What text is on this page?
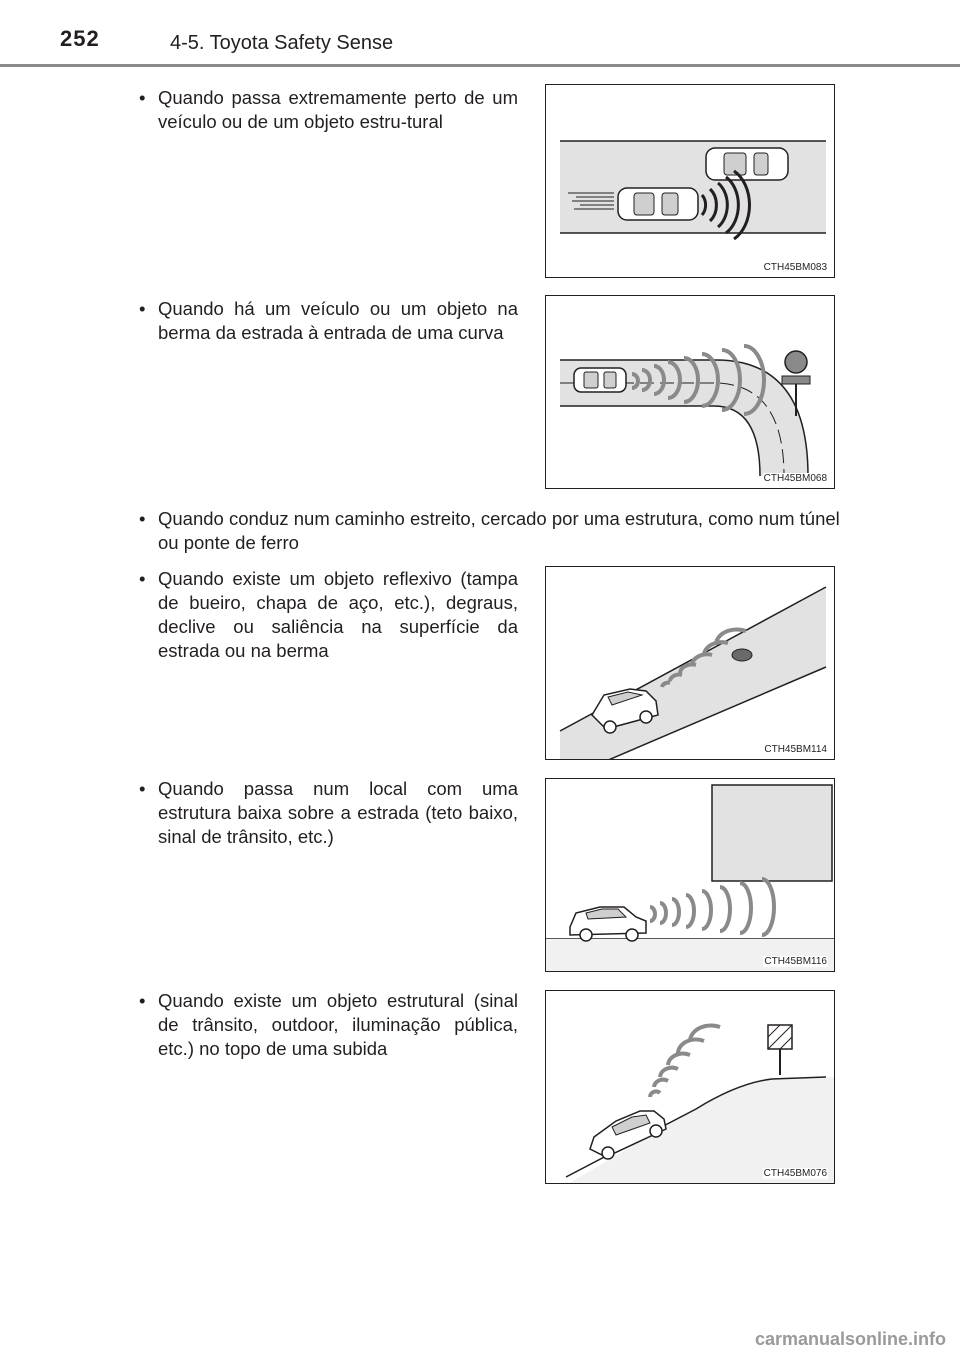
252	4-5. Toyota Safety Sense
• Quando passa extremamente perto de um veículo ou de um objeto estru-tural
CTH45BM083
• Quando há um veículo ou um objeto na berma da estrada à entrada de uma curva
CTH45BM068
• Quando conduz num caminho estreito, cercado por uma estrutura, como num túnel ou ponte de ferro
• Quando existe um objeto reflexivo (tampa de bueiro, chapa de aço, etc.), degraus, declive ou saliência na superfície da estrada ou na berma
CTH45BM114
• Quando passa num local com uma estrutura baixa sobre a estrada (teto baixo, sinal de trânsito, etc.)
CTH45BM116
• Quando existe um objeto estrutural (sinal de trânsito, outdoor, iluminação pública, etc.) no topo de uma subida
CTH45BM076
carmanualsonline.info
